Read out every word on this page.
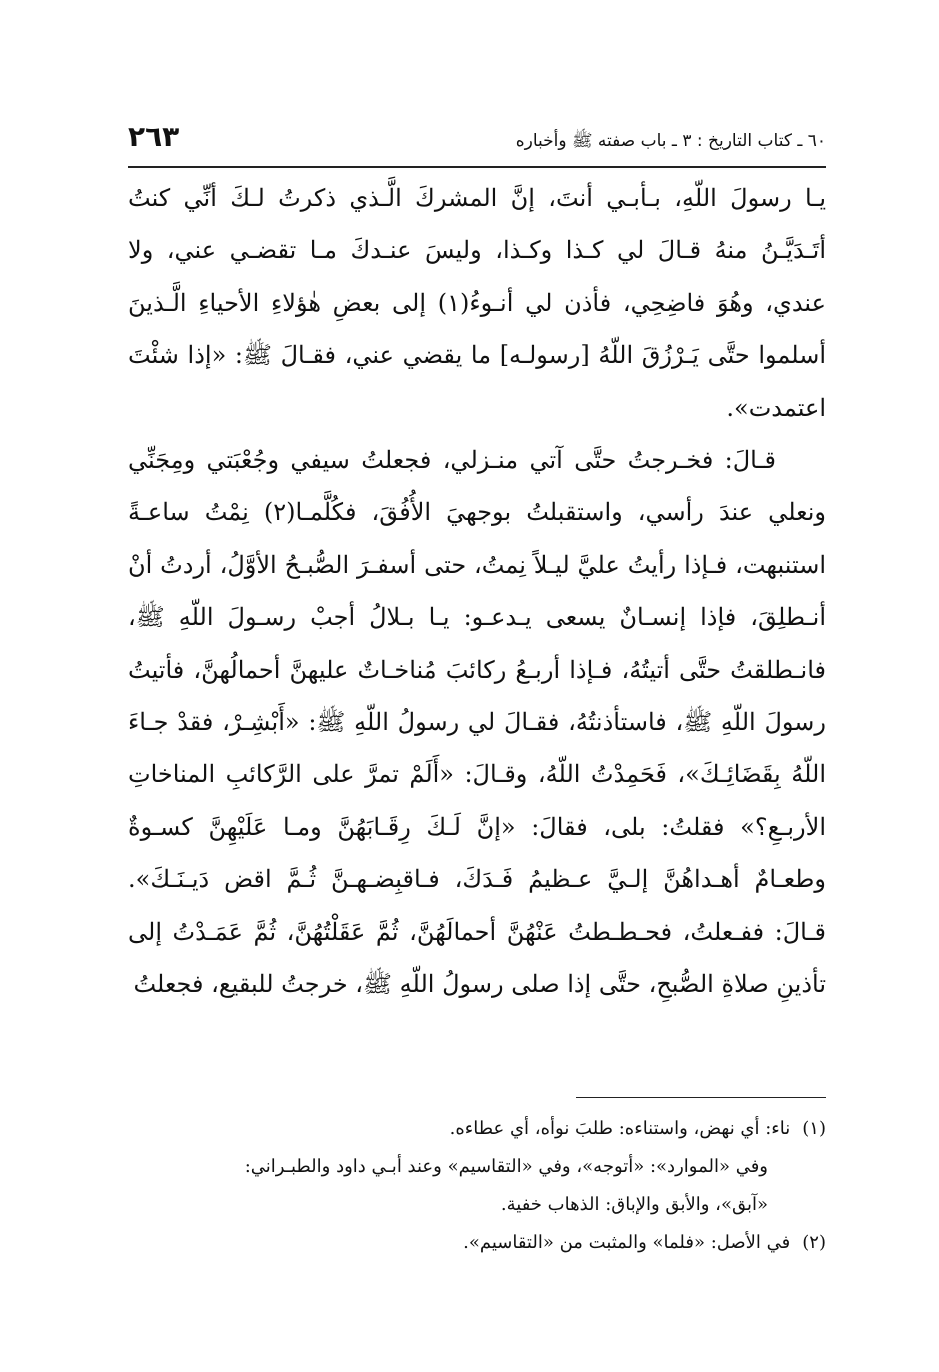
٦٠ ـ كتاب التاريخ : ٣ ـ باب صفته ﷺ وأخباره
٢٦٣

يـا رسولَ اللّهِ، بـأبـي أنتَ، إنَّ المشركَ الَّـذي ذكرتُ لـكَ أنِّي كنتُ أتَـدَيَّـنُ منهُ قـالَ لي كـذا وكـذا، وليسَ عنـدكَ مـا تقضـي عني، ولا عندي، وهُوَ فاضِحِي، فأذن لي أنـوءُ(١) إلى بعضِ هٰؤلاءِ الأحياءِ الَّـذينَ أسلموا حتَّى يَـرْزُقَ اللّهُ [رسولـه] ما يقضي عني، فقـالَ ﷺ: «إذا شئْتَ اعتمدت».

قـالَ: فخـرجتُ حتَّى آتي منـزلي، فجعلتُ سيفي وجُعْبَتي ومِجَنِّي ونعلي عندَ رأسي، واستقبلتُ بوجهيَ الأُفُقَ، فكُلَّمـا(٢) نِمْتُ ساعـةً استنبهت، فـإذا رأيتُ عليَّ ليـلاً نِمتُ، حتى أسفـرَ الصُّبـحُ الأوَّلُ، أردتُ أنْ أنـطلِقَ، فإذا إنسـانٌ يسعى يـدعـو: يـا بـلالُ أجبْ رسـولَ اللّهِ ﷺ، فانـطلقتُ حتَّى أتيتُهُ، فـإذا أربـعُ ركائبَ مُناخـاتٌ عليهنَّ أحمالُهنَّ، فأتيتُ رسولَ اللّهِ ﷺ، فاستأذنتُهُ، فقـالَ لي رسولُ اللّهِ ﷺ: «أَبْشِـرْ، فقدْ جـاءَ اللّهُ بِقَضَائِـكَ»، فَحَمِدْتُ اللّهُ، وقـالَ: «أَلَمْ تمرَّ على الرَّكائبِ المناخاتِ الأربـعِ؟» فقلتُ: بلى، فقالَ: «إنَّ لَـكَ رِقَـابَهُنَّ ومـا عَلَيْهِنَّ كسـوةٌ وطعـامٌ أهـداهُنَّ إلـيَّ عـظيمُ فَـدَكَ، فـاقبِضـهـنَّ ثُـمَّ اقض دَيـنَـكَ». قـالَ: ففـعلتُ، فحـطـطتُ عَنْهُنَّ أحمالَهُنَّ، ثُمَّ عَقَلْتُهُنَّ، ثُمَّ عَمَـدْتُ إلى تأذينِ صلاةِ الصُّبحِ، حتَّى إذا صلى رسولُ اللّهِ ﷺ، خرجتُ للبقيع، فجعلتُ

(١)ناء: أي نهض، واستناءه: طلبَ نوأه، أي عطاءه.

وفي «الموارد»: «أتوجه»، وفي «التقاسيم» وعند أبـي داود والطبـراني:

«آبق»، والأبق والإباق: الذهاب خفية.

(٢)في الأصل: «فلما» والمثبت من «التقاسيم».
